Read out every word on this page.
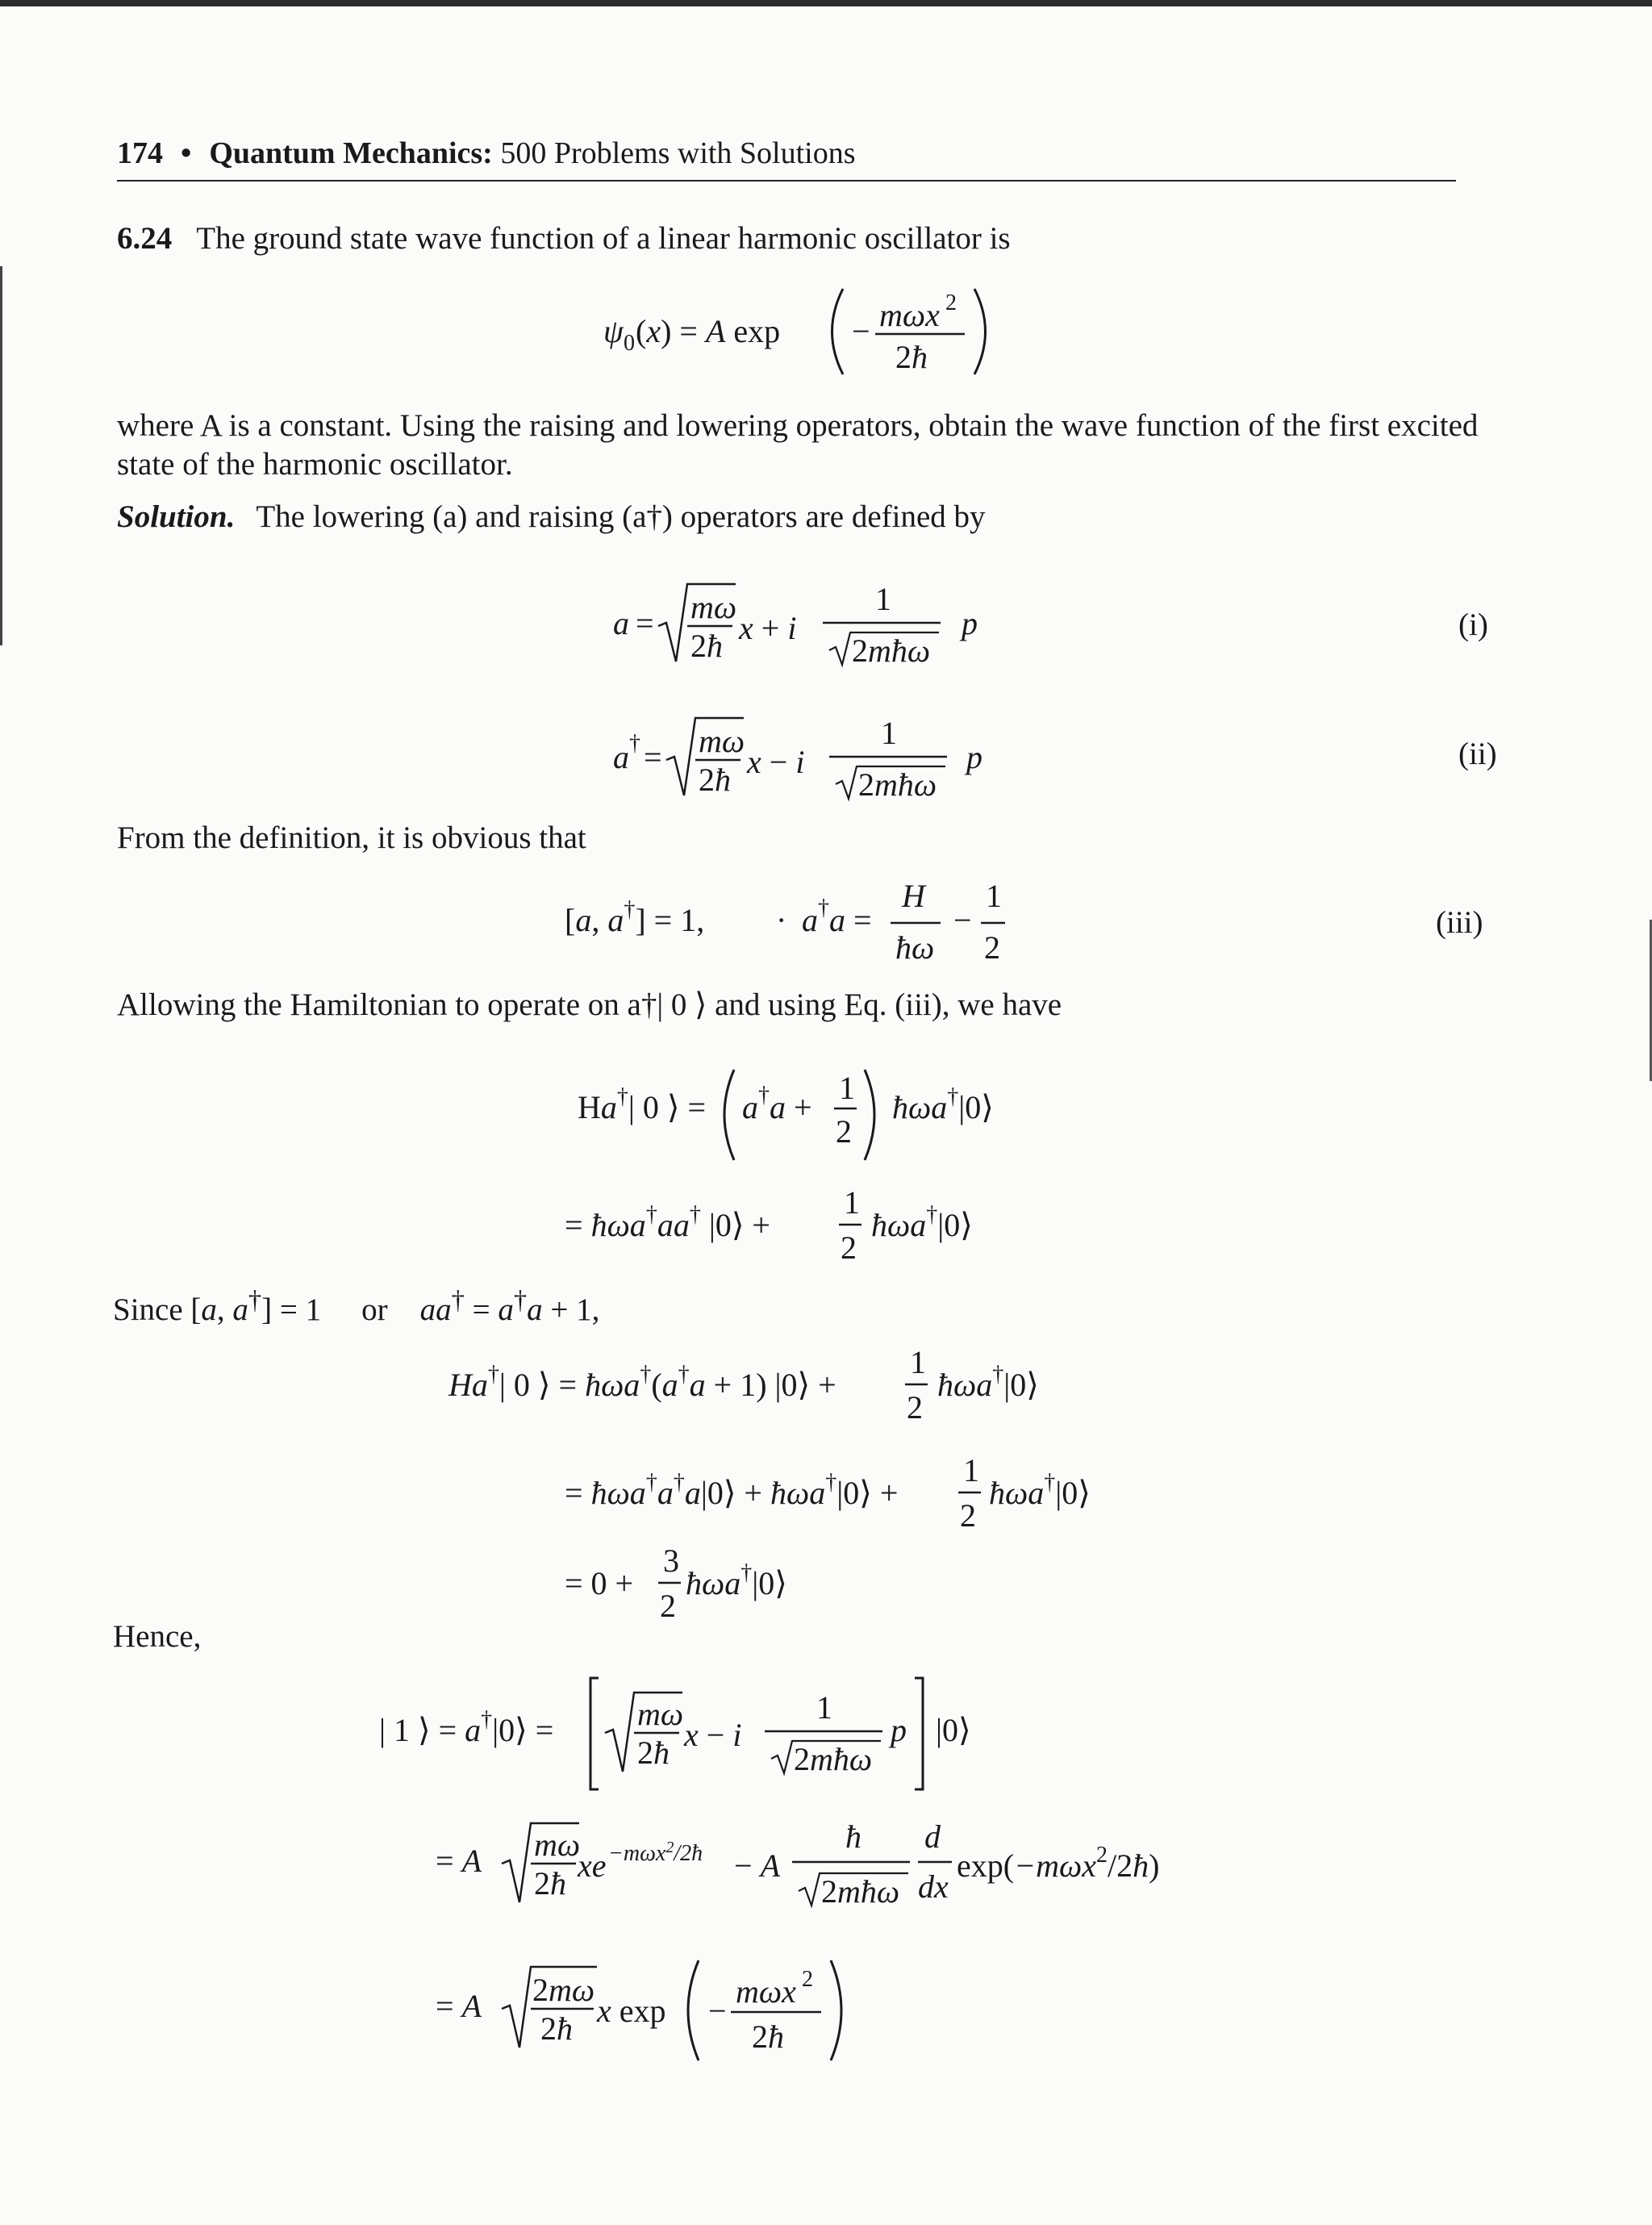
174 • Quantum Mechanics: 500 Problems with Solutions
6.24 The ground state wave function of a linear harmonic oscillator is
ψ 0 (x) = A exp − mωx 2
2ħ
where A is a constant. Using the raising and lowering operators, obtain the wave function of the first excited state of the harmonic oscillator.
Solution. The lowering (a) and raising (a†) operators are defined by
a = mω
2ħ x + i
1
2mħω
p	(i)
a † = mω
2ħ x − i
1
2mħω
p	(ii)
From the definition, it is obvious that
[a, a†] = 1, · a † a =
H
ħω
−
1
2
(iii)
Allowing the Hamiltonian to operate on a†| 0 ⟩ and using Eq. (iii), we have
Ha†| 0 ⟩ = a † a +
1
2
ħωa†|0⟩
= ħωa†aa† |0⟩ +
1
2
ħωa†|0⟩
Since [a, a†] = 1 or aa† = a†a + 1,
Ha†| 0 ⟩ = ħωa†(a†a + 1) |0⟩ +
1
2
ħωa†|0⟩
= ħωa†a†a|0⟩ + ħωa†|0⟩ +
1
2
ħωa†|0⟩
= 0 +
3
2
ħωa†|0⟩
Hence,
| 1 ⟩ = a†|0⟩ =	mω
2ħ x − i
1
2mħω
p |0⟩
= A mω
2ħ xe −mωx$^2$/2ħ − A
ħ
2mħω
d
dx
exp(−mωx$^2$/2ħ)
= A 2mω
2ħ x exp −
mωx 2
2ħ
